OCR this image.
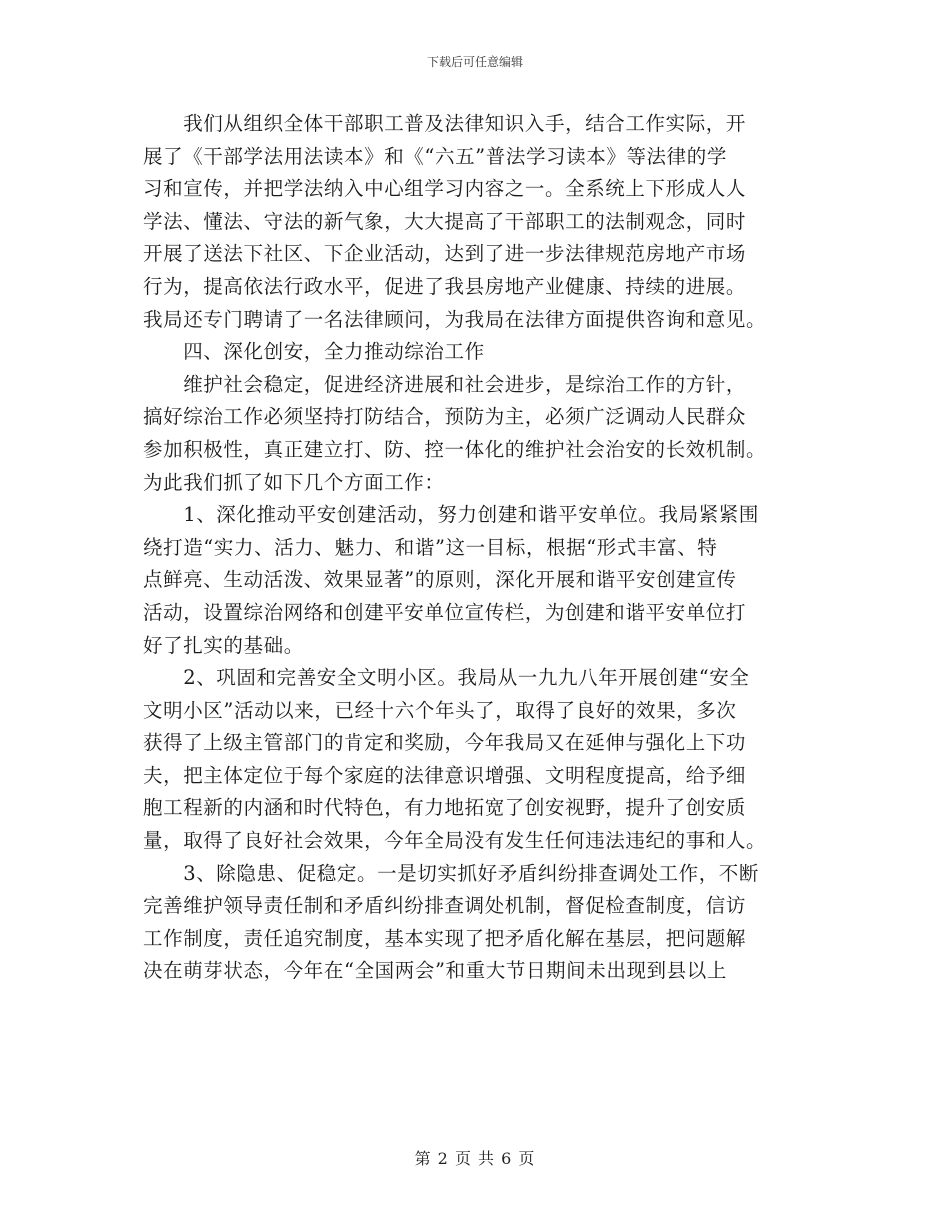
下载后可任意编辑
　　我们从组织全体干部职工普及法律知识入手，结合工作实际，开
展了《干部学法用法读本》和《“六五”普法学习读本》等法律的学
习和宣传，并把学法纳入中心组学习内容之一。全系统上下形成人人
学法、懂法、守法的新气象，大大提高了干部职工的法制观念，同时
开展了送法下社区、下企业活动，达到了进一步法律规范房地产市场
行为，提高依法行政水平，促进了我县房地产业健康、持续的进展。
我局还专门聘请了一名法律顾问，为我局在法律方面提供咨询和意见。
　　四、深化创安，全力推动综治工作
　　维护社会稳定，促进经济进展和社会进步，是综治工作的方针，
搞好综治工作必须坚持打防结合，预防为主，必须广泛调动人民群众
参加积极性，真正建立打、防、控一体化的维护社会治安的长效机制。
为此我们抓了如下几个方面工作：
　　1、深化推动平安创建活动，努力创建和谐平安单位。我局紧紧围
绕打造“实力、活力、魅力、和谐”这一目标，根据“形式丰富、特
点鲜亮、生动活泼、效果显著”的原则，深化开展和谐平安创建宣传
活动，设置综治网络和创建平安单位宣传栏，为创建和谐平安单位打
好了扎实的基础。
　　2、巩固和完善安全文明小区。我局从一九九八年开展创建“安全
文明小区”活动以来，已经十六个年头了，取得了良好的效果，多次
获得了上级主管部门的肯定和奖励，今年我局又在延伸与强化上下功
夫，把主体定位于每个家庭的法律意识增强、文明程度提高，给予细
胞工程新的内涵和时代特色，有力地拓宽了创安视野，提升了创安质
量，取得了良好社会效果，今年全局没有发生任何违法违纪的事和人。
　　3、除隐患、促稳定。一是切实抓好矛盾纠纷排查调处工作，不断
完善维护领导责任制和矛盾纠纷排查调处机制，督促检查制度，信访
工作制度，责任追究制度，基本实现了把矛盾化解在基层，把问题解
决在萌芽状态，今年在“全国两会”和重大节日期间未出现到县以上
第 2 页 共 6 页
